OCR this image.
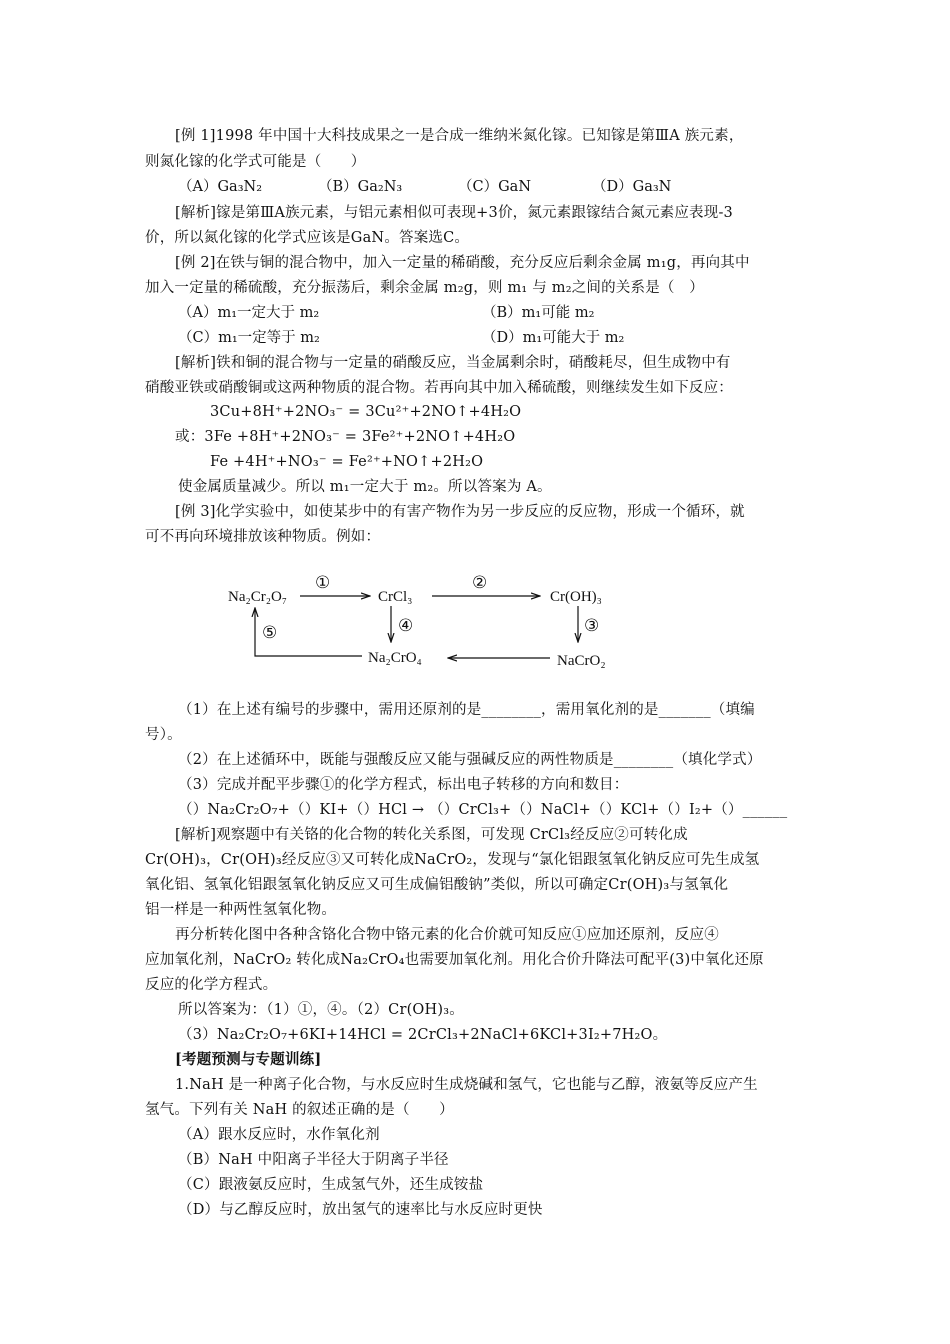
[例 1]1998 年中国十大科技成果之一是合成一维纳米氮化镓。已知镓是第ⅢA 族元素，
则氮化镓的化学式可能是（　　）
（A）Ga₃N₂	（B）Ga₂N₃	（C）GaN	（D）Ga₃N
[解析]镓是第ⅢA族元素，与铝元素相似可表现+3价，氮元素跟镓结合氮元素应表现-3
价，所以氮化镓的化学式应该是GaN。答案选C。
[例 2]在铁与铜的混合物中，加入一定量的稀硝酸，充分反应后剩余金属 m₁g，再向其中
加入一定量的稀硫酸，充分振荡后，剩余金属 m₂g，则 m₁ 与 m₂之间的关系是（　）
（A）m₁一定大于 m₂	（B）m₁可能 m₂
（C）m₁一定等于 m₂	（D）m₁可能大于 m₂
[解析]铁和铜的混合物与一定量的硝酸反应，当金属剩余时，硝酸耗尽，但生成物中有
硝酸亚铁或硝酸铜或这两种物质的混合物。若再向其中加入稀硫酸，则继续发生如下反应：
3Cu+8H⁺+2NO₃⁻ = 3Cu²⁺+2NO↑+4H₂O
或：3Fe +8H⁺+2NO₃⁻ = 3Fe²⁺+2NO↑+4H₂O
Fe +4H⁺+NO₃⁻ = Fe²⁺+NO↑+2H₂O
使金属质量减少。所以 m₁一定大于 m₂。所以答案为 A。
[例 3]化学实验中，如使某步中的有害产物作为另一步反应的反应物，形成一个循环，就
可不再向环境排放该种物质。例如：
Na₂Cr₂O₇	CrCl₃	Cr(OH)₃
Na₂CrO₄	NaCrO₂
①	②
④	③
⑤
（1）在上述有编号的步骤中，需用还原剂的是________，需用氧化剂的是_______（填编
号）。
（2）在上述循环中，既能与强酸反应又能与强碱反应的两性物质是________（填化学式）
（3）完成并配平步骤①的化学方程式，标出电子转移的方向和数目：
（）Na₂Cr₂O₇+（）KI+（）HCl → （）CrCl₃+（）NaCl+（）KCl+（）I₂+（）______
[解析]观察题中有关铬的化合物的转化关系图，可发现 CrCl₃经反应②可转化成
Cr(OH)₃，Cr(OH)₃经反应③又可转化成NaCrO₂，发现与“氯化铝跟氢氧化钠反应可先生成氢
氧化铝、氢氧化铝跟氢氧化钠反应又可生成偏铝酸钠”类似，所以可确定Cr(OH)₃与氢氧化
铝一样是一种两性氢氧化物。
再分析转化图中各种含铬化合物中铬元素的化合价就可知反应①应加还原剂，反应④
应加氧化剂，NaCrO₂ 转化成Na₂CrO₄也需要加氧化剂。用化合价升降法可配平(3)中氧化还原
反应的化学方程式。
所以答案为：（1）①，④。（2）Cr(OH)₃。
（3）Na₂Cr₂O₇+6KI+14HCl = 2CrCl₃+2NaCl+6KCl+3I₂+7H₂O。
[考题预测与专题训练]
1.NaH 是一种离子化合物，与水反应时生成烧碱和氢气，它也能与乙醇，液氨等反应产生
氢气。下列有关 NaH 的叙述正确的是（　　）
（A）跟水反应时，水作氧化剂
（B）NaH 中阳离子半径大于阴离子半径
（C）跟液氨反应时，生成氢气外，还生成铵盐
（D）与乙醇反应时，放出氢气的速率比与水反应时更快
